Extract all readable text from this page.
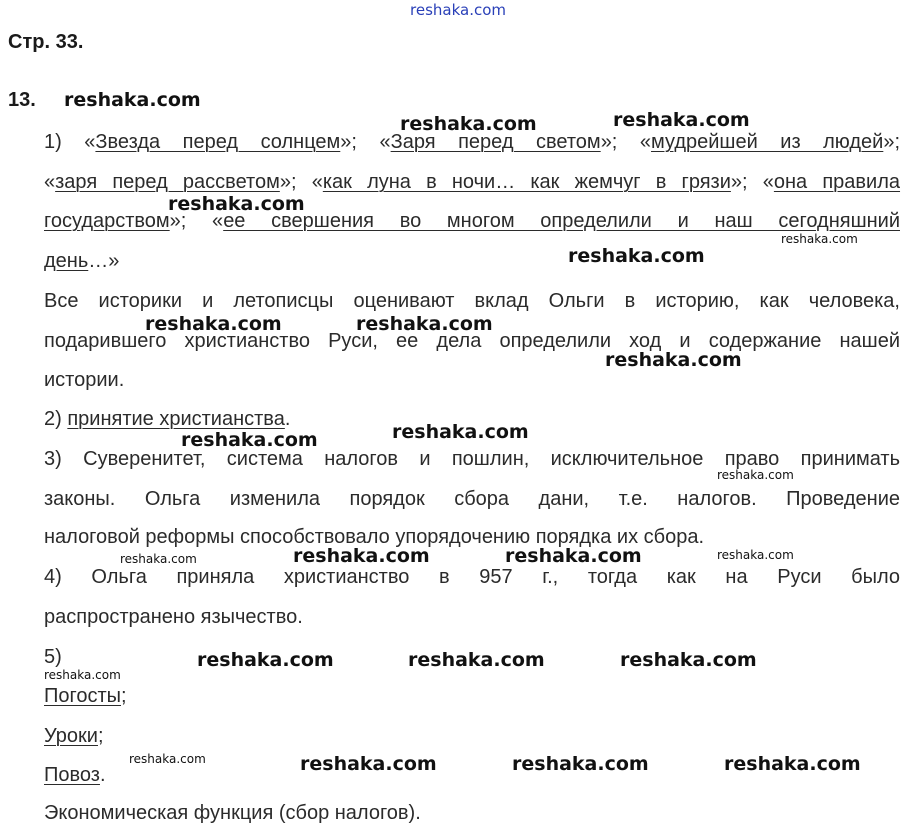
reshaka.com
Стр. 33.
13.
1) «Звезда перед солнцем»; «Заря перед светом»; «мудрейшей из людей»;
«заря перед рассветом»; «как луна в ночи… как жемчуг в грязи»; «она правила
государством»; «ее свершения во многом определили и наш сегодняшний
день…»
Все историки и летописцы оценивают вклад Ольги в историю, как человека,
подарившего христианство Руси, ее дела определили ход и содержание нашей
истории.
2) принятие христианства.
3) Суверенитет, система налогов и пошлин, исключительное право принимать
законы. Ольга изменила порядок сбора дани, т.е. налогов. Проведение
налоговой реформы способствовало упорядочению порядка их сбора.
4) Ольга приняла христианство в 957 г., тогда как на Руси было
распространено язычество.
5)
Погосты;
Уроки;
Повоз.
Экономическая функция (сбор налогов).
reshaka.com
reshaka.com	reshaka.com
reshaka.com
reshaka.com
reshaka.com	reshaka.com
reshaka.com
reshaka.com	reshaka.com
reshaka.com	reshaka.com
reshaka.com	reshaka.com	reshaka.com
reshaka.com	reshaka.com	reshaka.com
reshaka.com
reshaka.com
reshaka.com	reshaka.com
reshaka.com
reshaka.com
